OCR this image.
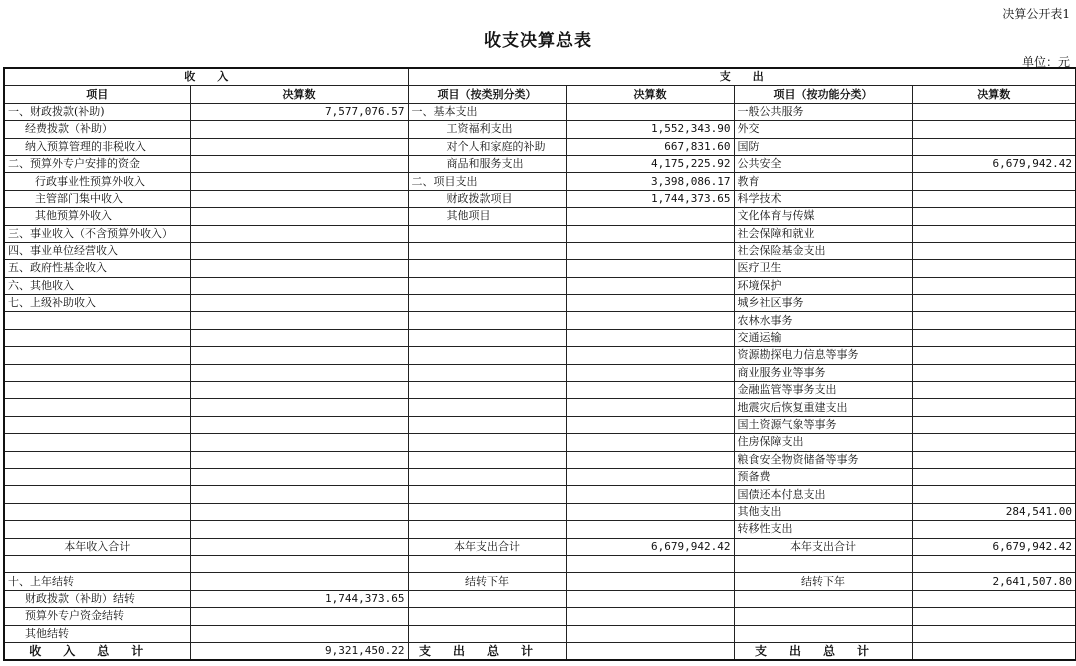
决算公开表1
收支决算总表
单位：元
收　　入		支　　出			
项目	决算数	项目（按类别分类）	决算数	项目（按功能分类）	决算数
一、财政拨款(补助)	7,577,076.57	一、基本支出		一般公共服务	
经费拨款（补助）		工资福利支出	1,552,343.90	外交	
纳入预算管理的非税收入		对个人和家庭的补助	667,831.60	国防	
二、预算外专户安排的资金		商品和服务支出	4,175,225.92	公共安全	6,679,942.42
行政事业性预算外收入		二、项目支出	3,398,086.17	教育	
主管部门集中收入		财政拨款项目	1,744,373.65	科学技术	
其他预算外收入		其他项目		文化体育与传媒	
三、事业收入（不含预算外收入）				社会保障和就业	
四、事业单位经营收入				社会保险基金支出	
五、政府性基金收入				医疗卫生	
六、其他收入				环境保护	
七、上级补助收入				城乡社区事务	
				农林水事务	
				交通运输	
				资源勘探电力信息等事务	
				商业服务业等事务	
				金融监管等事务支出	
				地震灾后恢复重建支出	
				国土资源气象等事务	
				住房保障支出	
				粮食安全物资储备等事务	
				预备费	
				国债还本付息支出	
				其他支出	284,541.00
				转移性支出	
本年收入合计		本年支出合计	6,679,942.42	本年支出合计	6,679,942.42

十、上年结转		结转下年		结转下年	2,641,507.80
财政拨款（补助）结转	1,744,373.65				
预算外专户资金结转					
其他结转					
收入总计	9,321,450.22	支出总计		支出总计	
